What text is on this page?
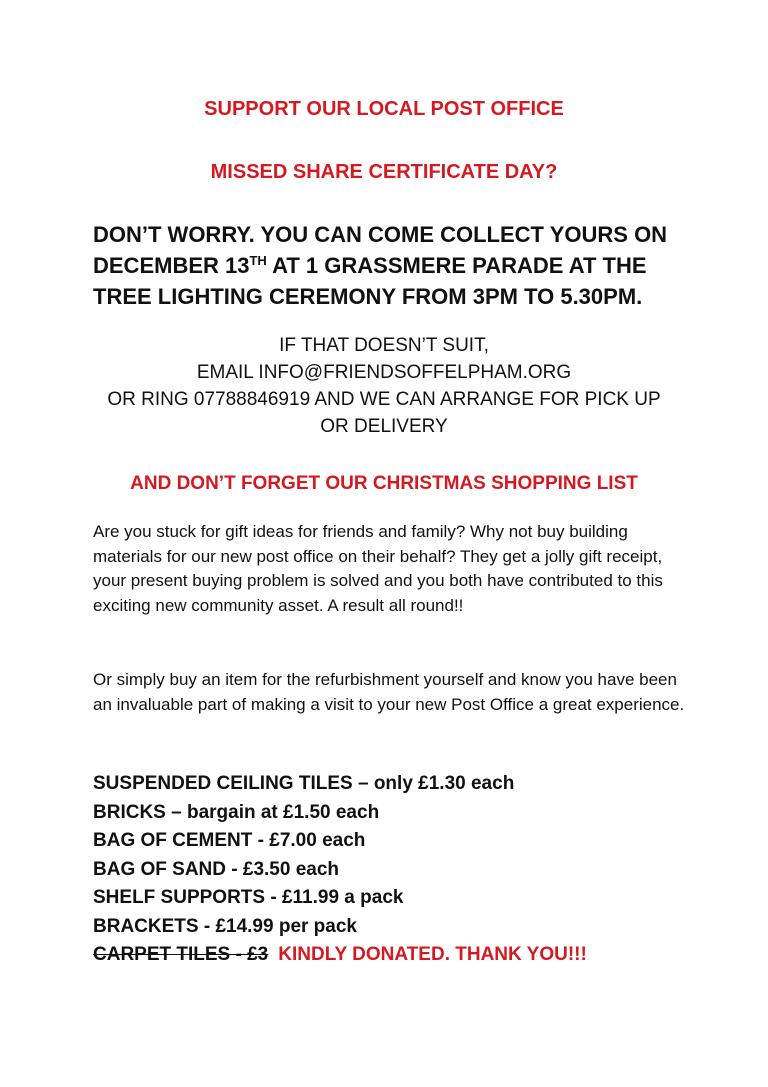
SUPPORT OUR LOCAL POST OFFICE
MISSED SHARE CERTIFICATE DAY?

DON’T WORRY. YOU CAN COME COLLECT YOURS ON
DECEMBER 13TH AT 1 GRASSMERE PARADE AT THE
TREE LIGHTING CEREMONY FROM 3PM TO 5.30PM.

IF THAT DOESN’T SUIT,
EMAIL INFO@FRIENDSOFFELPHAM.ORG
OR RING 07788846919 AND WE CAN ARRANGE FOR PICK UP
OR DELIVERY

AND DON’T FORGET OUR CHRISTMAS SHOPPING LIST

Are you stuck for gift ideas for friends and family? Why not buy building materials for our new post office on their behalf? They get a jolly gift receipt, your present buying problem is solved and you both have contributed to this exciting new community asset. A result all round!!

Or simply buy an item for the refurbishment yourself and know you have been an invaluable part of making a visit to your new Post Office a great experience.

SUSPENDED CEILING TILES – only £1.30 each
BRICKS – bargain at £1.50 each
BAG OF CEMENT - £7.00 each
BAG OF SAND - £3.50 each
SHELF SUPPORTS - £11.99 a pack
BRACKETS - £14.99 per pack
CARPET TILES - £3 KINDLY DONATED. THANK YOU!!!
